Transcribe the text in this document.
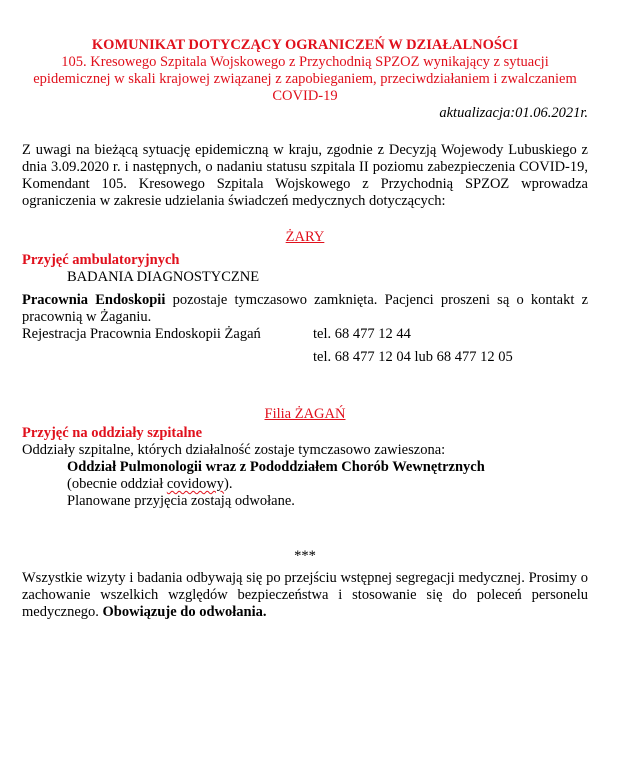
KOMUNIKAT DOTYCZĄCY OGRANICZEŃ W DZIAŁALNOŚCI
105. Kresowego Szpitala Wojskowego z Przychodnią SPZOZ wynikający z sytuacji epidemicznej w skali krajowej związanej z zapobieganiem, przeciwdziałaniem i zwalczaniem COVID-19
aktualizacja:01.06.2021r.

Z uwagi na bieżącą sytuację epidemiczną w kraju, zgodnie z Decyzją Wojewody Lubuskiego z dnia 3.09.2020 r. i następnych, o nadaniu statusu szpitala II poziomu zabezpieczenia COVID-19, Komendant 105. Kresowego Szpitala Wojskowego z Przychodnią SPZOZ wprowadza ograniczenia w zakresie udzielania świadczeń medycznych dotyczących:

ŻARY
Przyjęć ambulatoryjnych
BADANIA DIAGNOSTYCZNE

Pracownia Endoskopii pozostaje tymczasowo zamknięta. Pacjenci proszeni są o kontakt z pracownią w Żaganiu.

Rejestracja Pracownia Endoskopii Żagań	tel. 68 477 12 44
tel. 68 477 12 04 lub 68 477 12 05
Filia ŻAGAŃ
Przyjęć na oddziały szpitalne
Oddziały szpitalne, których działalność zostaje tymczasowo zawieszona:
Oddział Pulmonologii wraz z Pododdziałem Chorób Wewnętrznych
(obecnie oddział covidowy).
Planowane przyjęcia zostają odwołane.
***

Wszystkie wizyty i badania odbywają się po przejściu wstępnej segregacji medycznej. Prosimy o zachowanie wszelkich względów bezpieczeństwa i stosowanie się do poleceń personelu medycznego. Obowiązuje do odwołania.
